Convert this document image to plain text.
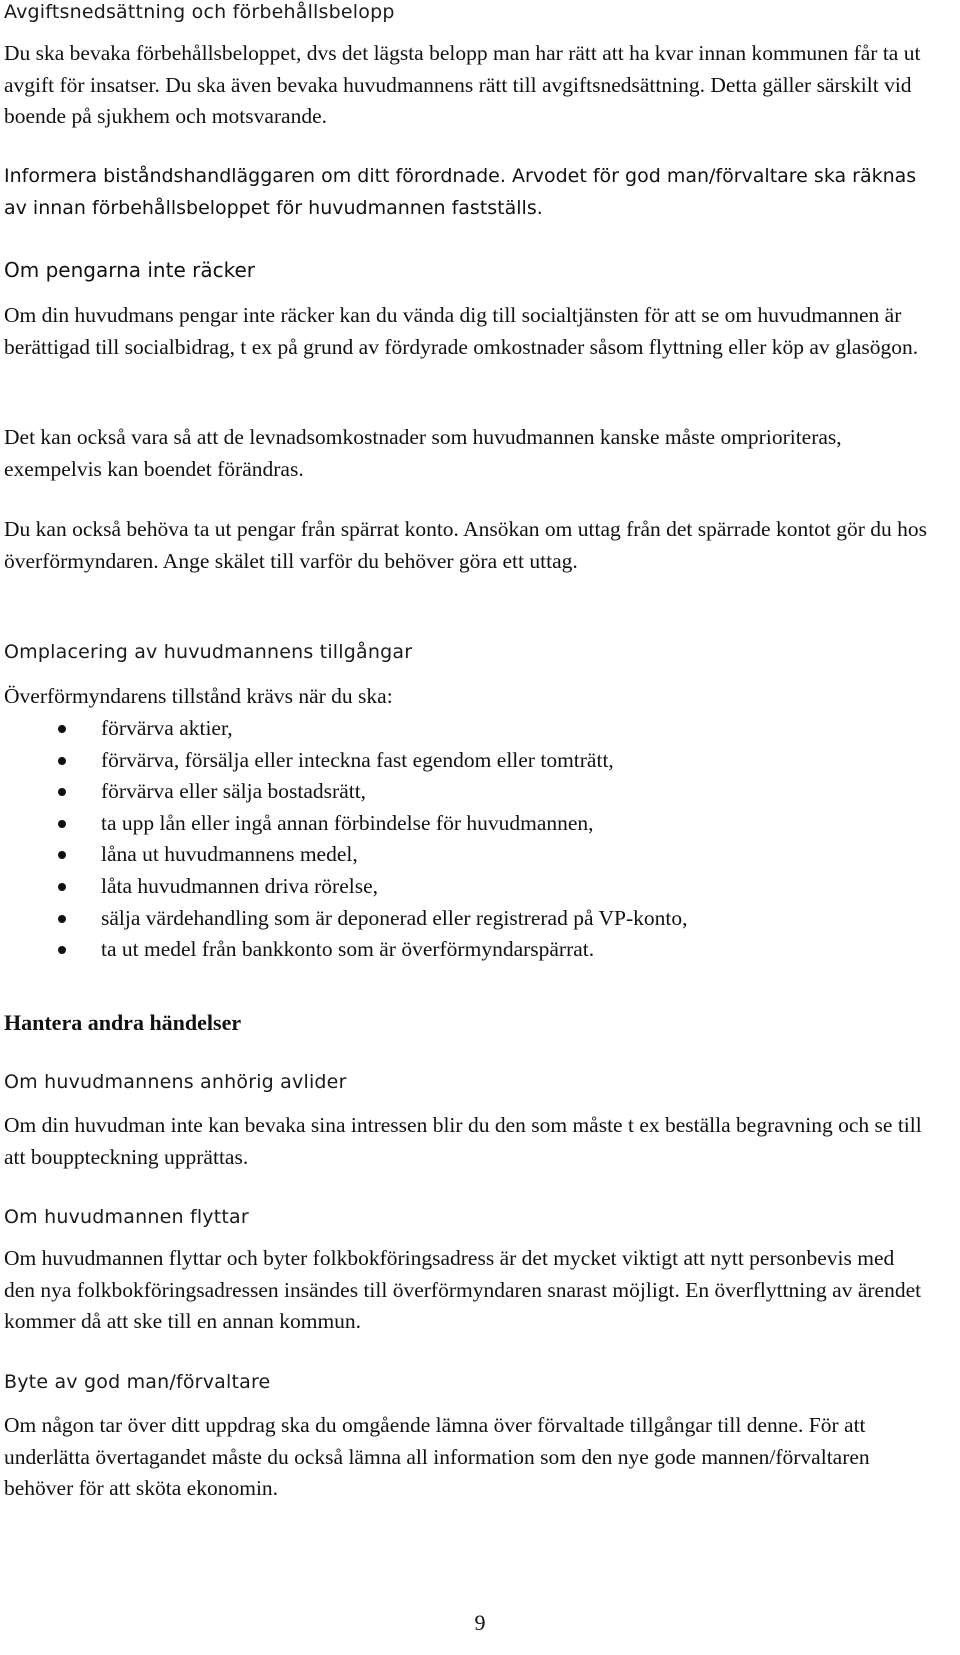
Avgiftsnedsättning och förbehållsbelopp

Du ska bevaka förbehållsbeloppet, dvs det lägsta belopp man har rätt att ha kvar innan kommunen får ta ut avgift för insatser. Du ska även bevaka huvudmannens rätt till avgiftsnedsättning. Detta gäller särskilt vid boende på sjukhem och motsvarande.

Informera biståndshandläggaren om ditt förordnade. Arvodet för god man/förvaltare ska räknas av innan förbehållsbeloppet för huvudmannen fastställs.

Om pengarna inte räcker

Om din huvudmans pengar inte räcker kan du vända dig till socialtjänsten för att se om huvudmannen är berättigad till socialbidrag, t ex på grund av fördyrade omkostnader såsom flyttning eller köp av glasögon.

Det kan också vara så att de levnadsomkostnader som huvudmannen kanske måste omprioriteras, exempelvis kan boendet förändras.

Du kan också behöva ta ut pengar från spärrat konto. Ansökan om uttag från det spärrade kontot gör du hos överförmyndaren. Ange skälet till varför du behöver göra ett uttag.

Omplacering av huvudmannens tillgångar

Överförmyndarens tillstånd krävs när du ska:

förvärva aktier,
förvärva, försälja eller inteckna fast egendom eller tomträtt,
förvärva eller sälja bostadsrätt,
ta upp lån eller ingå annan förbindelse för huvudmannen,
låna ut huvudmannens medel,
låta huvudmannen driva rörelse,
sälja värdehandling som är deponerad eller registrerad på VP-konto,
ta ut medel från bankkonto som är överförmyndarspärrat.
Hantera andra händelser
Om huvudmannens anhörig avlider

Om din huvudman inte kan bevaka sina intressen blir du den som måste t ex beställa begravning och se till att bouppteckning upprättas.

Om huvudmannen flyttar

Om huvudmannen flyttar och byter folkbokföringsadress är det mycket viktigt att nytt personbevis med den nya folkbokföringsadressen insändes till överförmyndaren snarast möjligt. En överflyttning av ärendet kommer då att ske till en annan kommun.

Byte av god man/förvaltare

Om någon tar över ditt uppdrag ska du omgående lämna över förvaltade tillgångar till denne. För att underlätta övertagandet måste du också lämna all information som den nye gode mannen/förvaltaren behöver för att sköta ekonomin.

9
